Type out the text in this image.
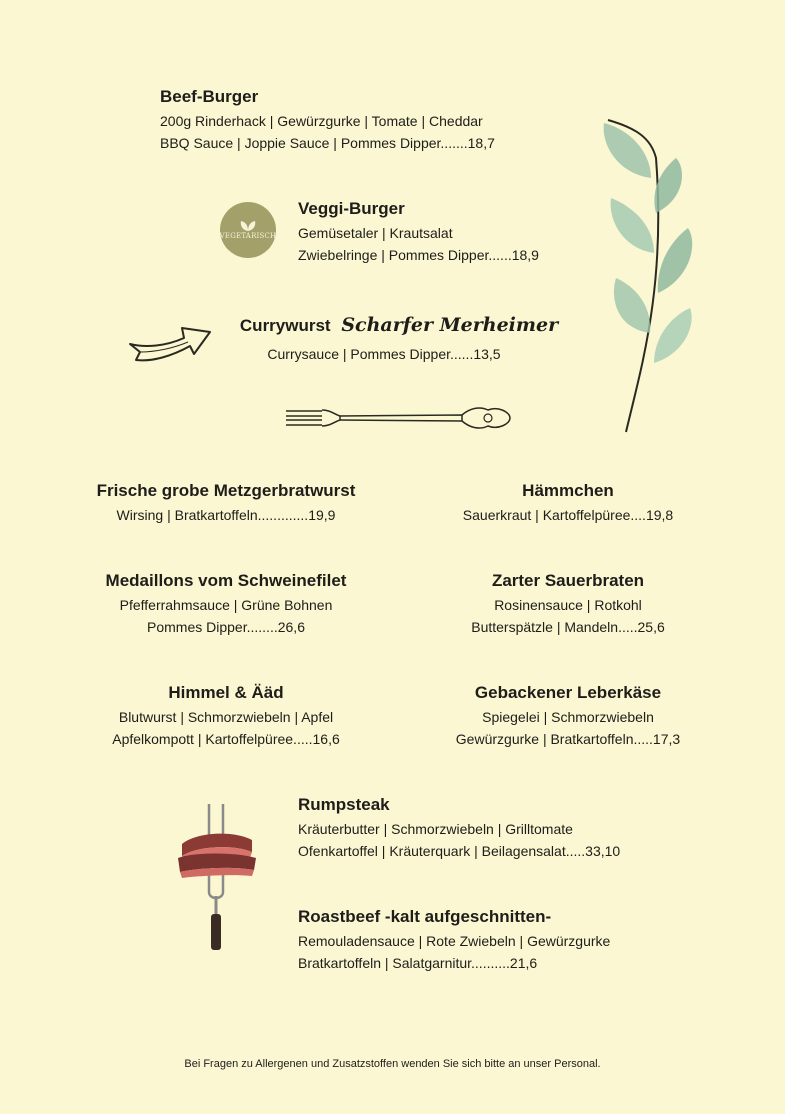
Beef-Burger
200g Rinderhack | Gewürzgurke | Tomate | Cheddar
BBQ Sauce | Joppie Sauce | Pommes Dipper.......18,7
VEGETARISCH
Veggi-Burger
Gemüsetaler | Krautsalat
Zwiebelringe | Pommes Dipper......18,9
Currywurst Scharfer Merheimer
Currysauce | Pommes Dipper......13,5
Frische grobe Metzgerbratwurst
Wirsing | Bratkartoffeln.............19,9
Hämmchen
Sauerkraut | Kartoffelpüree....19,8
Medaillons vom Schweinefilet
Pfefferrahmsauce | Grüne Bohnen
Pommes Dipper........26,6
Zarter Sauerbraten
Rosinensauce | Rotkohl
Butterspätzle | Mandeln.....25,6
Himmel & Ääd
Blutwurst | Schmorzwiebeln | Apfel
Apfelkompott | Kartoffelpüree.....16,6
Gebackener Leberkäse
Spiegelei | Schmorzwiebeln
Gewürzgurke | Bratkartoffeln.....17,3
Rumpsteak
Kräuterbutter | Schmorzwiebeln | Grilltomate
Ofenkartoffel | Kräuterquark | Beilagensalat.....33,10
Roastbeef -kalt aufgeschnitten-
Remouladensauce | Rote Zwiebeln | Gewürzgurke
Bratkartoffeln | Salatgarnitur..........21,6
Bei Fragen zu Allergenen und Zusatzstoffen wenden Sie sich bitte an unser Personal.
